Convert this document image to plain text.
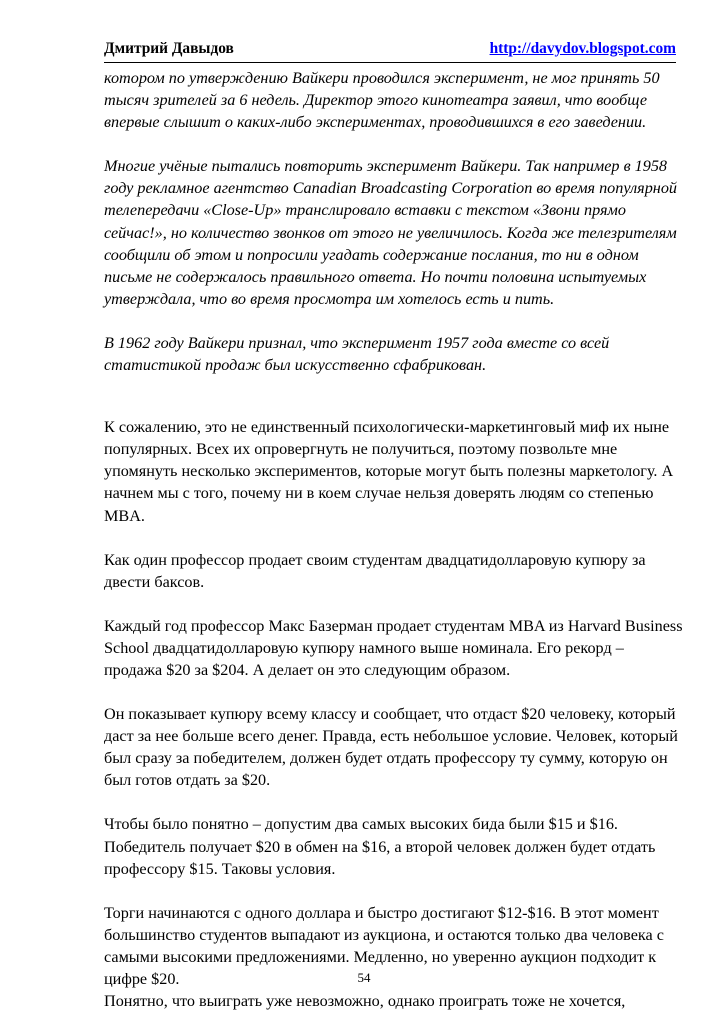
Дмитрий Давыдов	http://davydov.blogspot.com

котором по утверждению Вайкери проводился эксперимент, не мог принять 50 тысяч зрителей за 6 недель. Директор этого кинотеатра заявил, что вообще впервые слышит о каких-либо экспериментах, проводившихся в его заведении.

Многие учёные пытались повторить эксперимент Вайкери. Так например в 1958 году рекламное агентство Canadian Broadcasting Corporation во время популярной телепередачи «Close-Up» транслировало вставки с текстом «Звони прямо сейчас!», но количество звонков от этого не увеличилось. Когда же телезрителям сообщили об этом и попросили угадать содержание послания, то ни в одном письме не содержалось правильного ответа. Но почти половина испытуемых утверждала, что во время просмотра им хотелось есть и пить.

В 1962 году Вайкери признал, что эксперимент 1957 года вместе со всей статистикой продаж был искусственно сфабрикован.

К сожалению, это не единственный психологически-маркетинговый миф их ныне популярных. Всех их опровергнуть не получиться, поэтому позвольте мне упомянуть несколько экспериментов, которые могут быть полезны маркетологу. А начнем мы с того, почему ни в коем случае нельзя доверять людям со степенью MBA.

Как один профессор продает своим студентам двадцатидолларовую купюру за двести баксов.

Каждый год профессор Макс Базерман продает студентам MBA из Harvard Business School двадцатидолларовую купюру намного выше номинала. Его рекорд – продажа $20 за $204. А делает он это следующим образом.

Он показывает купюру всему классу и сообщает, что отдаст $20 человеку, который даст за нее больше всего денег. Правда, есть небольшое условие. Человек, который был сразу за победителем, должен будет отдать профессору ту сумму, которую он был готов отдать за $20.

Чтобы было понятно – допустим два самых высоких бида были $15 и $16. Победитель получает $20 в обмен на $16, а второй человек должен будет отдать профессору $15. Таковы условия.

Торги начинаются с одного доллара и быстро достигают $12-$16. В этот момент большинство студентов выпадают из аукциона, и остаются только два человека с самыми высокими предложениями. Медленно, но уверенно аукцион подходит к цифре $20.

Понятно, что выиграть уже невозможно, однако проиграть тоже не хочется,

54
